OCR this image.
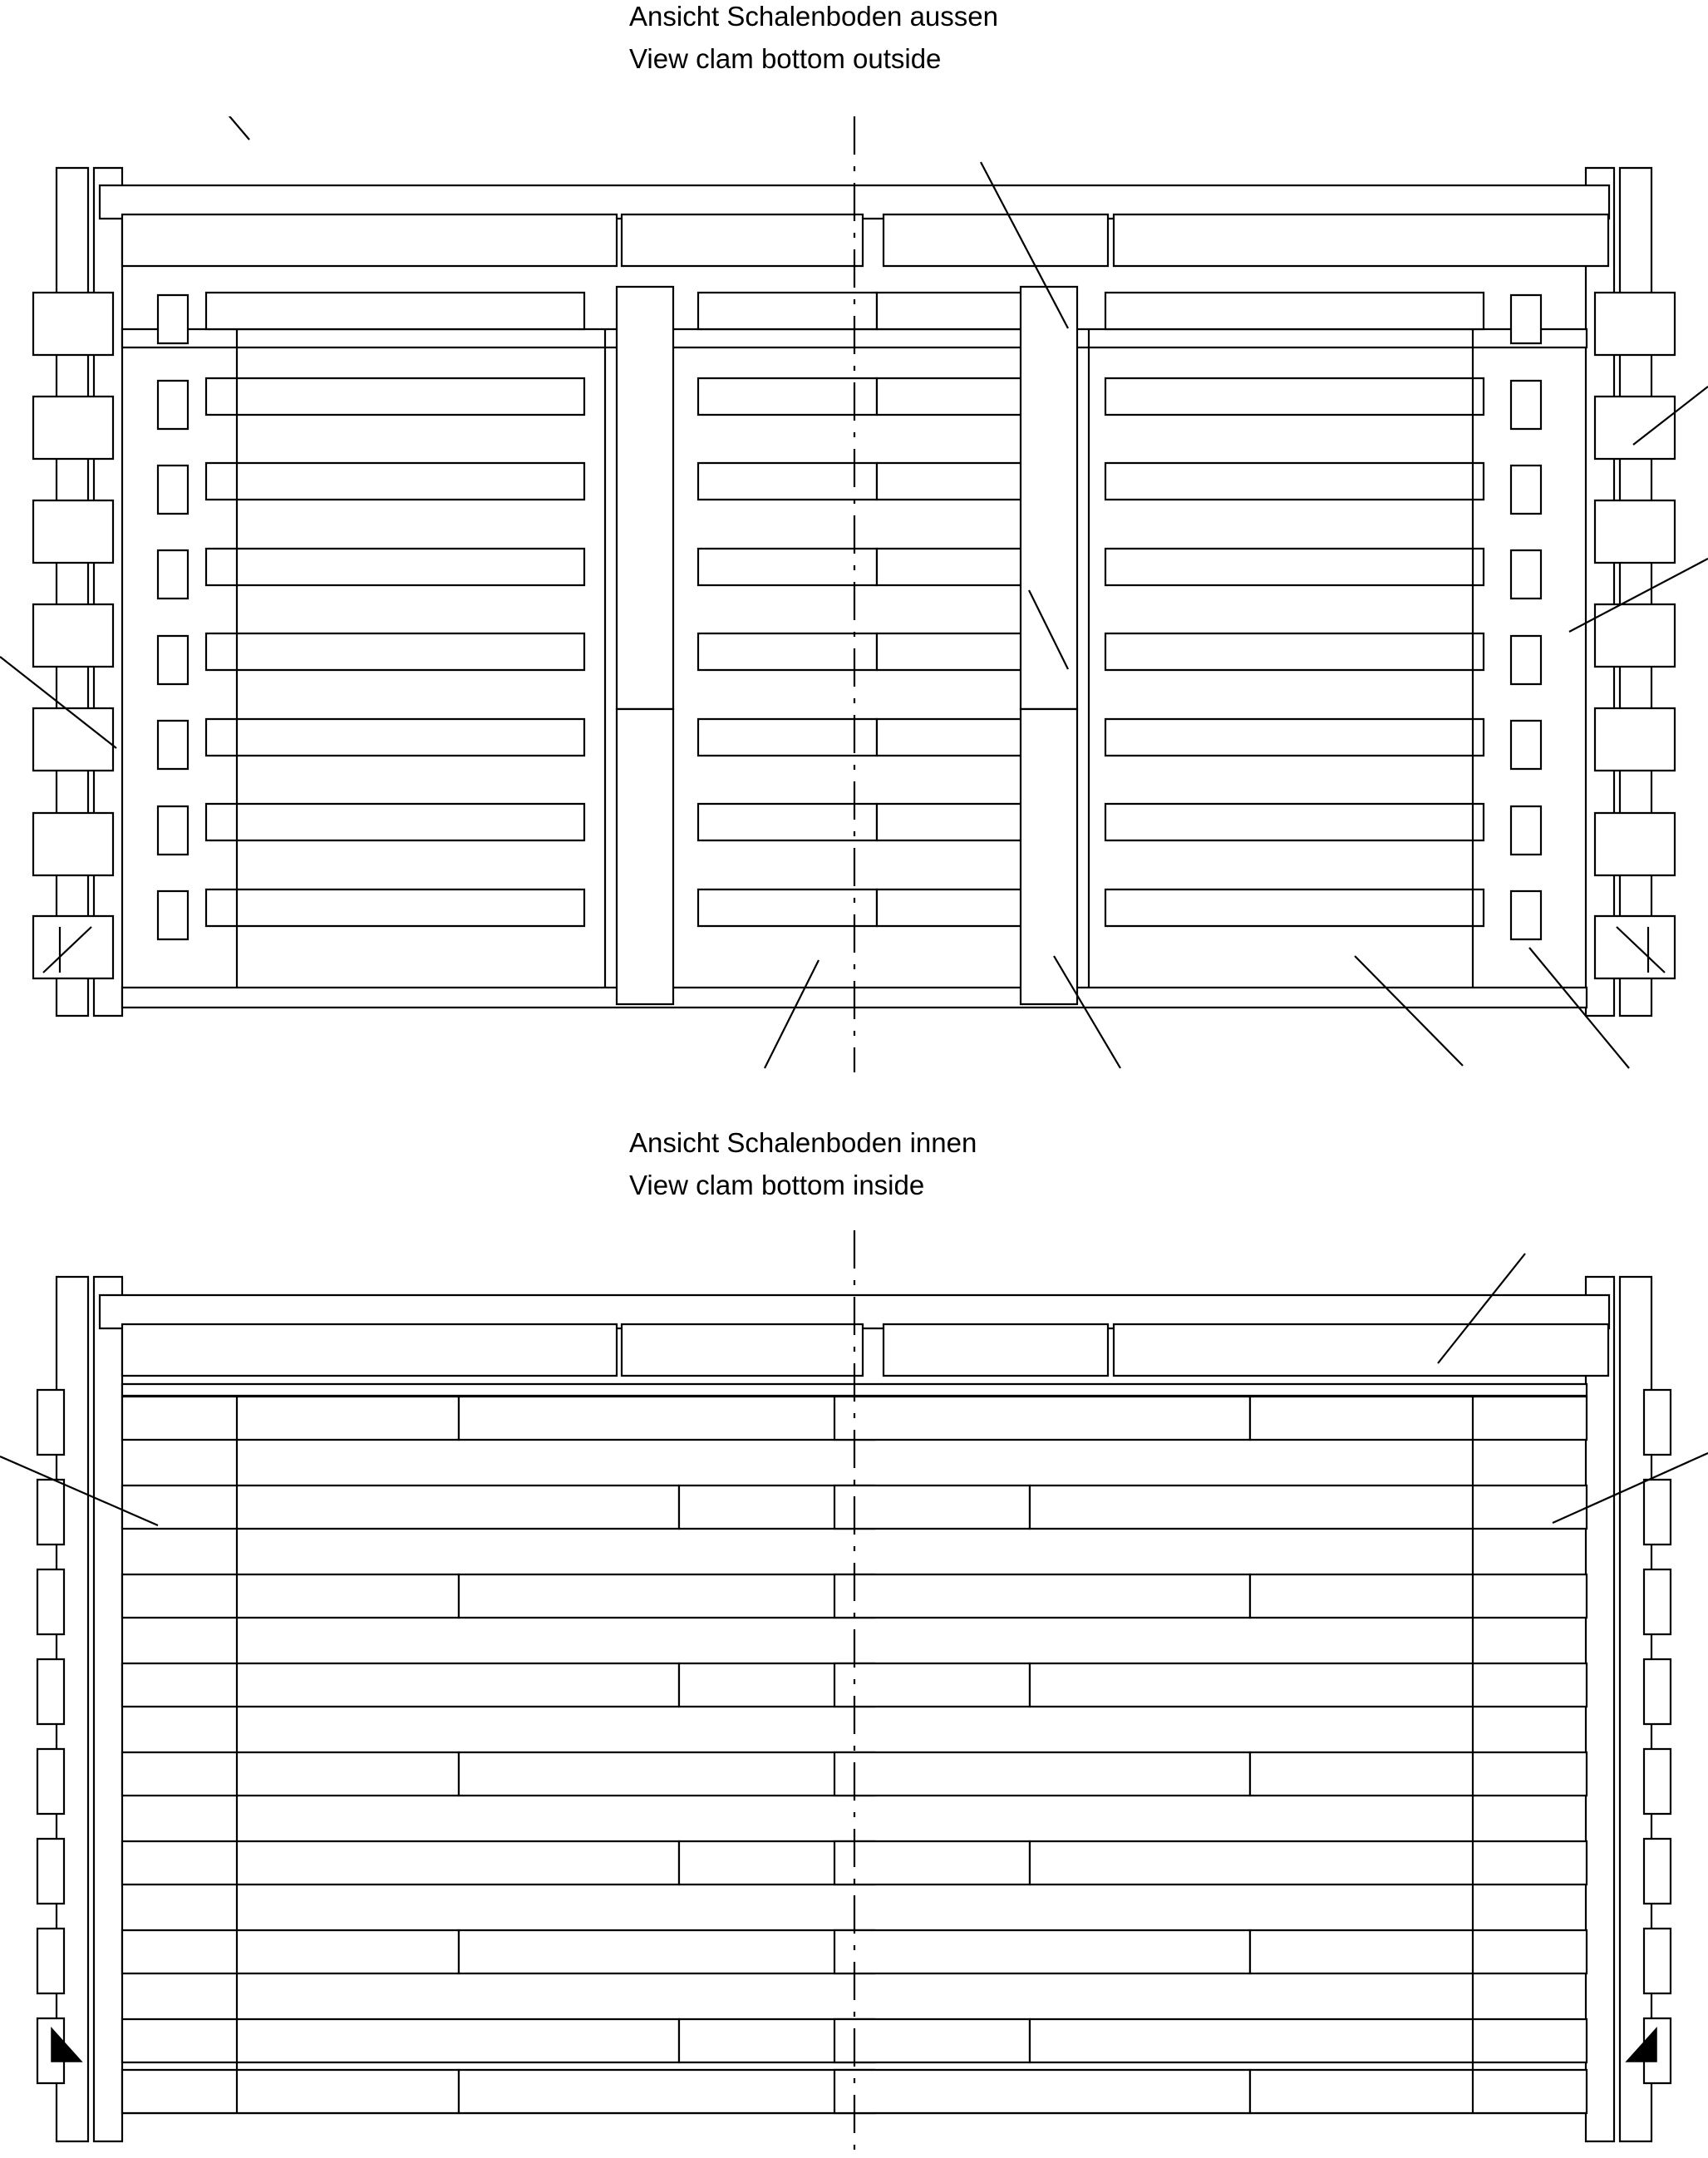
Ansicht Schalenboden aussen
View clam bottom outside
Ansicht Schalenboden innen
View clam bottom inside
